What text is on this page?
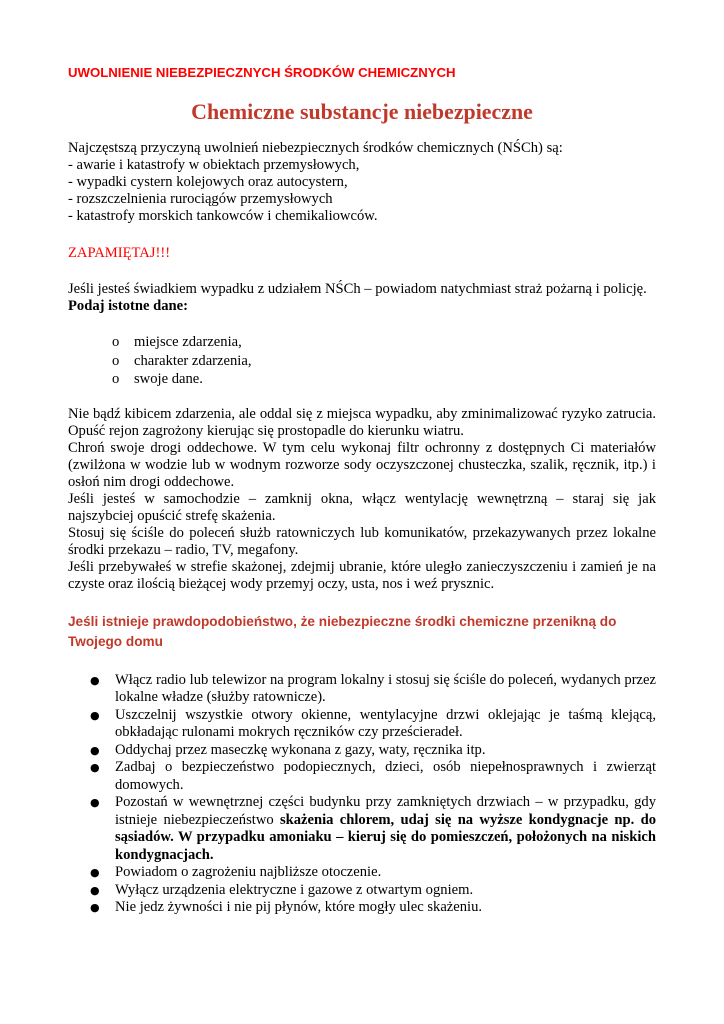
UWOLNIENIE NIEBEZPIECZNYCH ŚRODKÓW CHEMICZNYCH
Chemiczne substancje niebezpieczne
Najczęstszą przyczyną uwolnień niebezpiecznych środków chemicznych (NŚCh) są:
- awarie i katastrofy w obiektach przemysłowych,
- wypadki cystern kolejowych oraz autocystern,
- rozszczelnienia rurociągów przemysłowych
- katastrofy morskich tankowców i chemikaliowców.
ZAPAMIĘTAJ!!!
Jeśli jesteś świadkiem wypadku z udziałem NŚCh – powiadom natychmiast straż pożarną i policję.
Podaj istotne dane:
o miejsce zdarzenia,
o charakter zdarzenia,
o swoje dane.

Nie bądź kibicem zdarzenia, ale oddal się z miejsca wypadku, aby zminimalizować ryzyko zatrucia. Opuść rejon zagrożony kierując się prostopadle do kierunku wiatru.

Chroń swoje drogi oddechowe. W tym celu wykonaj filtr ochronny z dostępnych Ci materiałów (zwilżona w wodzie lub w wodnym rozworze sody oczyszczonej chusteczka, szalik, ręcznik, itp.) i osłoń nim drogi oddechowe.

Jeśli jesteś w samochodzie – zamknij okna, włącz wentylację wewnętrzną – staraj się jak najszybciej opuścić strefę skażenia.

Stosuj się ściśle do poleceń służb ratowniczych lub komunikatów, przekazywanych przez lokalne środki przekazu – radio, TV, megafony.

Jeśli przebywałeś w strefie skażonej, zdejmij ubranie, które uległo zanieczyszczeniu i zamień je na czyste oraz ilością bieżącej wody przemyj oczy, usta, nos i weź prysznic.

Jeśli istnieje prawdopodobieństwo, że niebezpieczne środki chemiczne przenikną do Twojego domu
● Włącz radio lub telewizor na program lokalny i stosuj się ściśle do poleceń, wydanych przez lokalne władze (służby ratownicze).
● Uszczelnij wszystkie otwory okienne, wentylacyjne drzwi oklejając je taśmą klejącą, obkładając rulonami mokrych ręczników czy prześcieradeł.
● Oddychaj przez maseczkę wykonana z gazy, waty, ręcznika itp.
● Zadbaj o bezpieczeństwo podopiecznych, dzieci, osób niepełnosprawnych i zwierząt domowych.
● Pozostań w wewnętrznej części budynku przy zamkniętych drzwiach – w przypadku, gdy istnieje niebezpieczeństwo skażenia chlorem, udaj się na wyższe kondygnacje np. do sąsiadów. W przypadku amoniaku – kieruj się do pomieszczeń, położonych na niskich kondygnacjach.
● Powiadom o zagrożeniu najbliższe otoczenie.
● Wyłącz urządzenia elektryczne i gazowe z otwartym ogniem.
● Nie jedz żywności i nie pij płynów, które mogły ulec skażeniu.
